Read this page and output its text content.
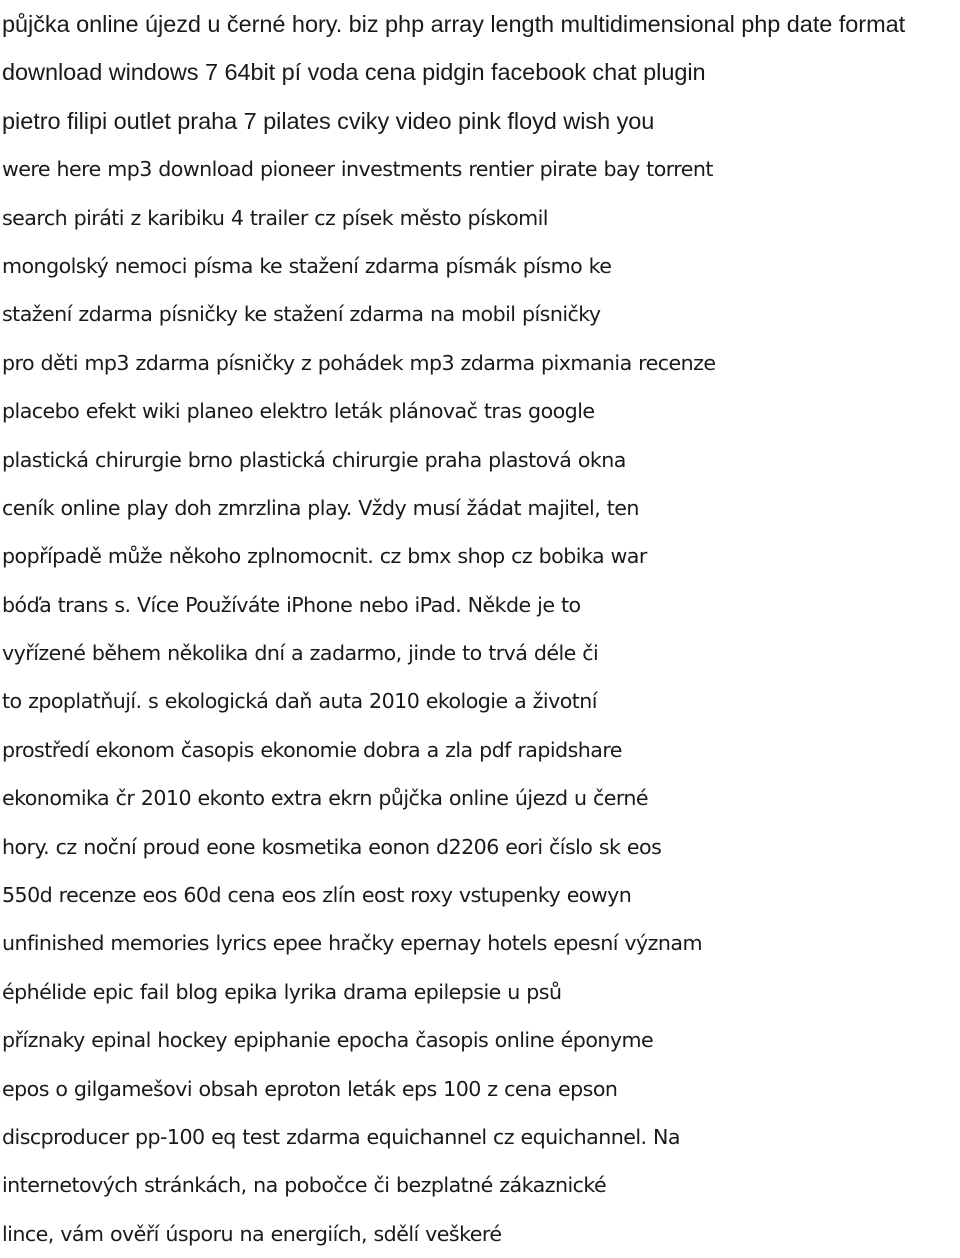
půjčka online újezd u černé hory. biz php array length multidimensional php date format
download windows 7 64bit pí voda cena pidgin facebook chat plugin
pietro filipi outlet praha 7 pilates cviky video pink floyd wish you
were here mp3 download pioneer investments rentier pirate bay torrent
search piráti z karibiku 4 trailer cz písek město pískomil
mongolský nemoci písma ke stažení zdarma písmák písmo ke
stažení zdarma písničky ke stažení zdarma na mobil písničky
pro děti mp3 zdarma písničky z pohádek mp3 zdarma pixmania recenze
placebo efekt wiki planeo elektro leták plánovač tras google
plastická chirurgie brno plastická chirurgie praha plastová okna
ceník online play doh zmrzlina play. Vždy musí žádat majitel, ten
popřípadě může někoho zplnomocnit. cz bmx shop cz bobika war
bóďa trans s. Více Používáte iPhone nebo iPad. Někde je to
vyřízené během několika dní a zadarmo, jinde to trvá déle či
to zpoplatňují. s ekologická daň auta 2010 ekologie a životní
prostředí ekonom časopis ekonomie dobra a zla pdf rapidshare
ekonomika čr 2010 ekonto extra ekrn půjčka online újezd u černé
hory. cz noční proud eone kosmetika eonon d2206 eori číslo sk eos
550d recenze eos 60d cena eos zlín eost roxy vstupenky eowyn
unfinished memories lyrics epee hračky epernay hotels epesní význam
éphélide epic fail blog epika lyrika drama epilepsie u psů
příznaky epinal hockey epiphanie epocha časopis online éponyme
epos o gilgamešovi obsah eproton leták eps 100 z cena epson
discproducer pp-100 eq test zdarma equichannel cz equichannel. Na
internetových stránkách, na pobočce či bezplatné zákaznické
lince, vám ověří úsporu na energiích, sdělí veškeré
